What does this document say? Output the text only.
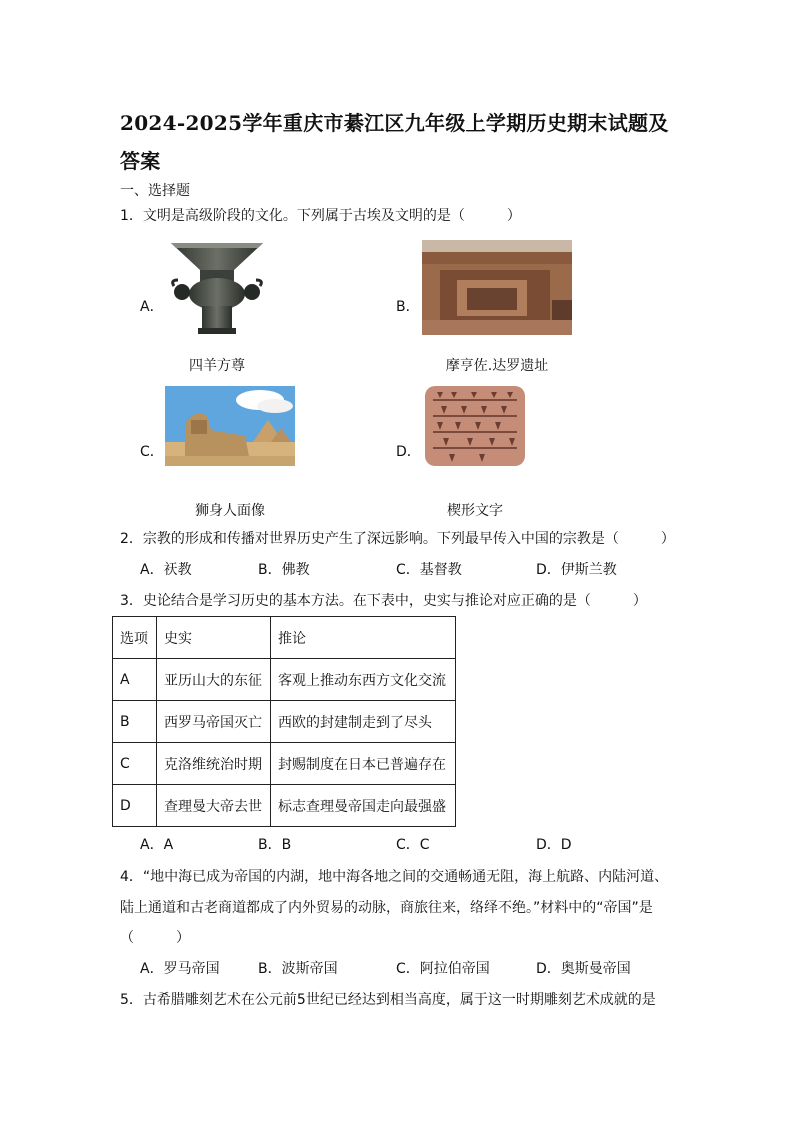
2024-2025学年重庆市綦江区九年级上学期历史期末试题及
答案
一、选择题
1．文明是高级阶段的文化。下列属于古埃及文明的是（　　　）
A．
四羊方尊
B．
摩亨佐.达罗遗址
C．
狮身人面像
D．
楔形文字
2．宗教的形成和传播对世界历史产生了深远影响。下列最早传入中国的宗教是（　　　）
A．祆教	B．佛教	C．基督教	D．伊斯兰教
3．史论结合是学习历史的基本方法。在下表中，史实与推论对应正确的是（　　　）
选项	史实	推论
A	亚历山大的东征	客观上推动东西方文化交流
B	西罗马帝国灭亡	西欧的封建制走到了尽头
C	克洛维统治时期	封赐制度在日本已普遍存在
D	查理曼大帝去世	标志查理曼帝国走向最强盛
A．A	B．B	C．C	D．D
4．“地中海已成为帝国的内湖，地中海各地之间的交通畅通无阻，海上航路、内陆河道、
陆上通道和古老商道都成了内外贸易的动脉，商旅往来，络绎不绝。”材料中的“帝国”是
（　　　）
A．罗马帝国	B．波斯帝国	C．阿拉伯帝国	D．奥斯曼帝国
5．古希腊雕刻艺术在公元前5世纪已经达到相当高度，属于这一时期雕刻艺术成就的是
